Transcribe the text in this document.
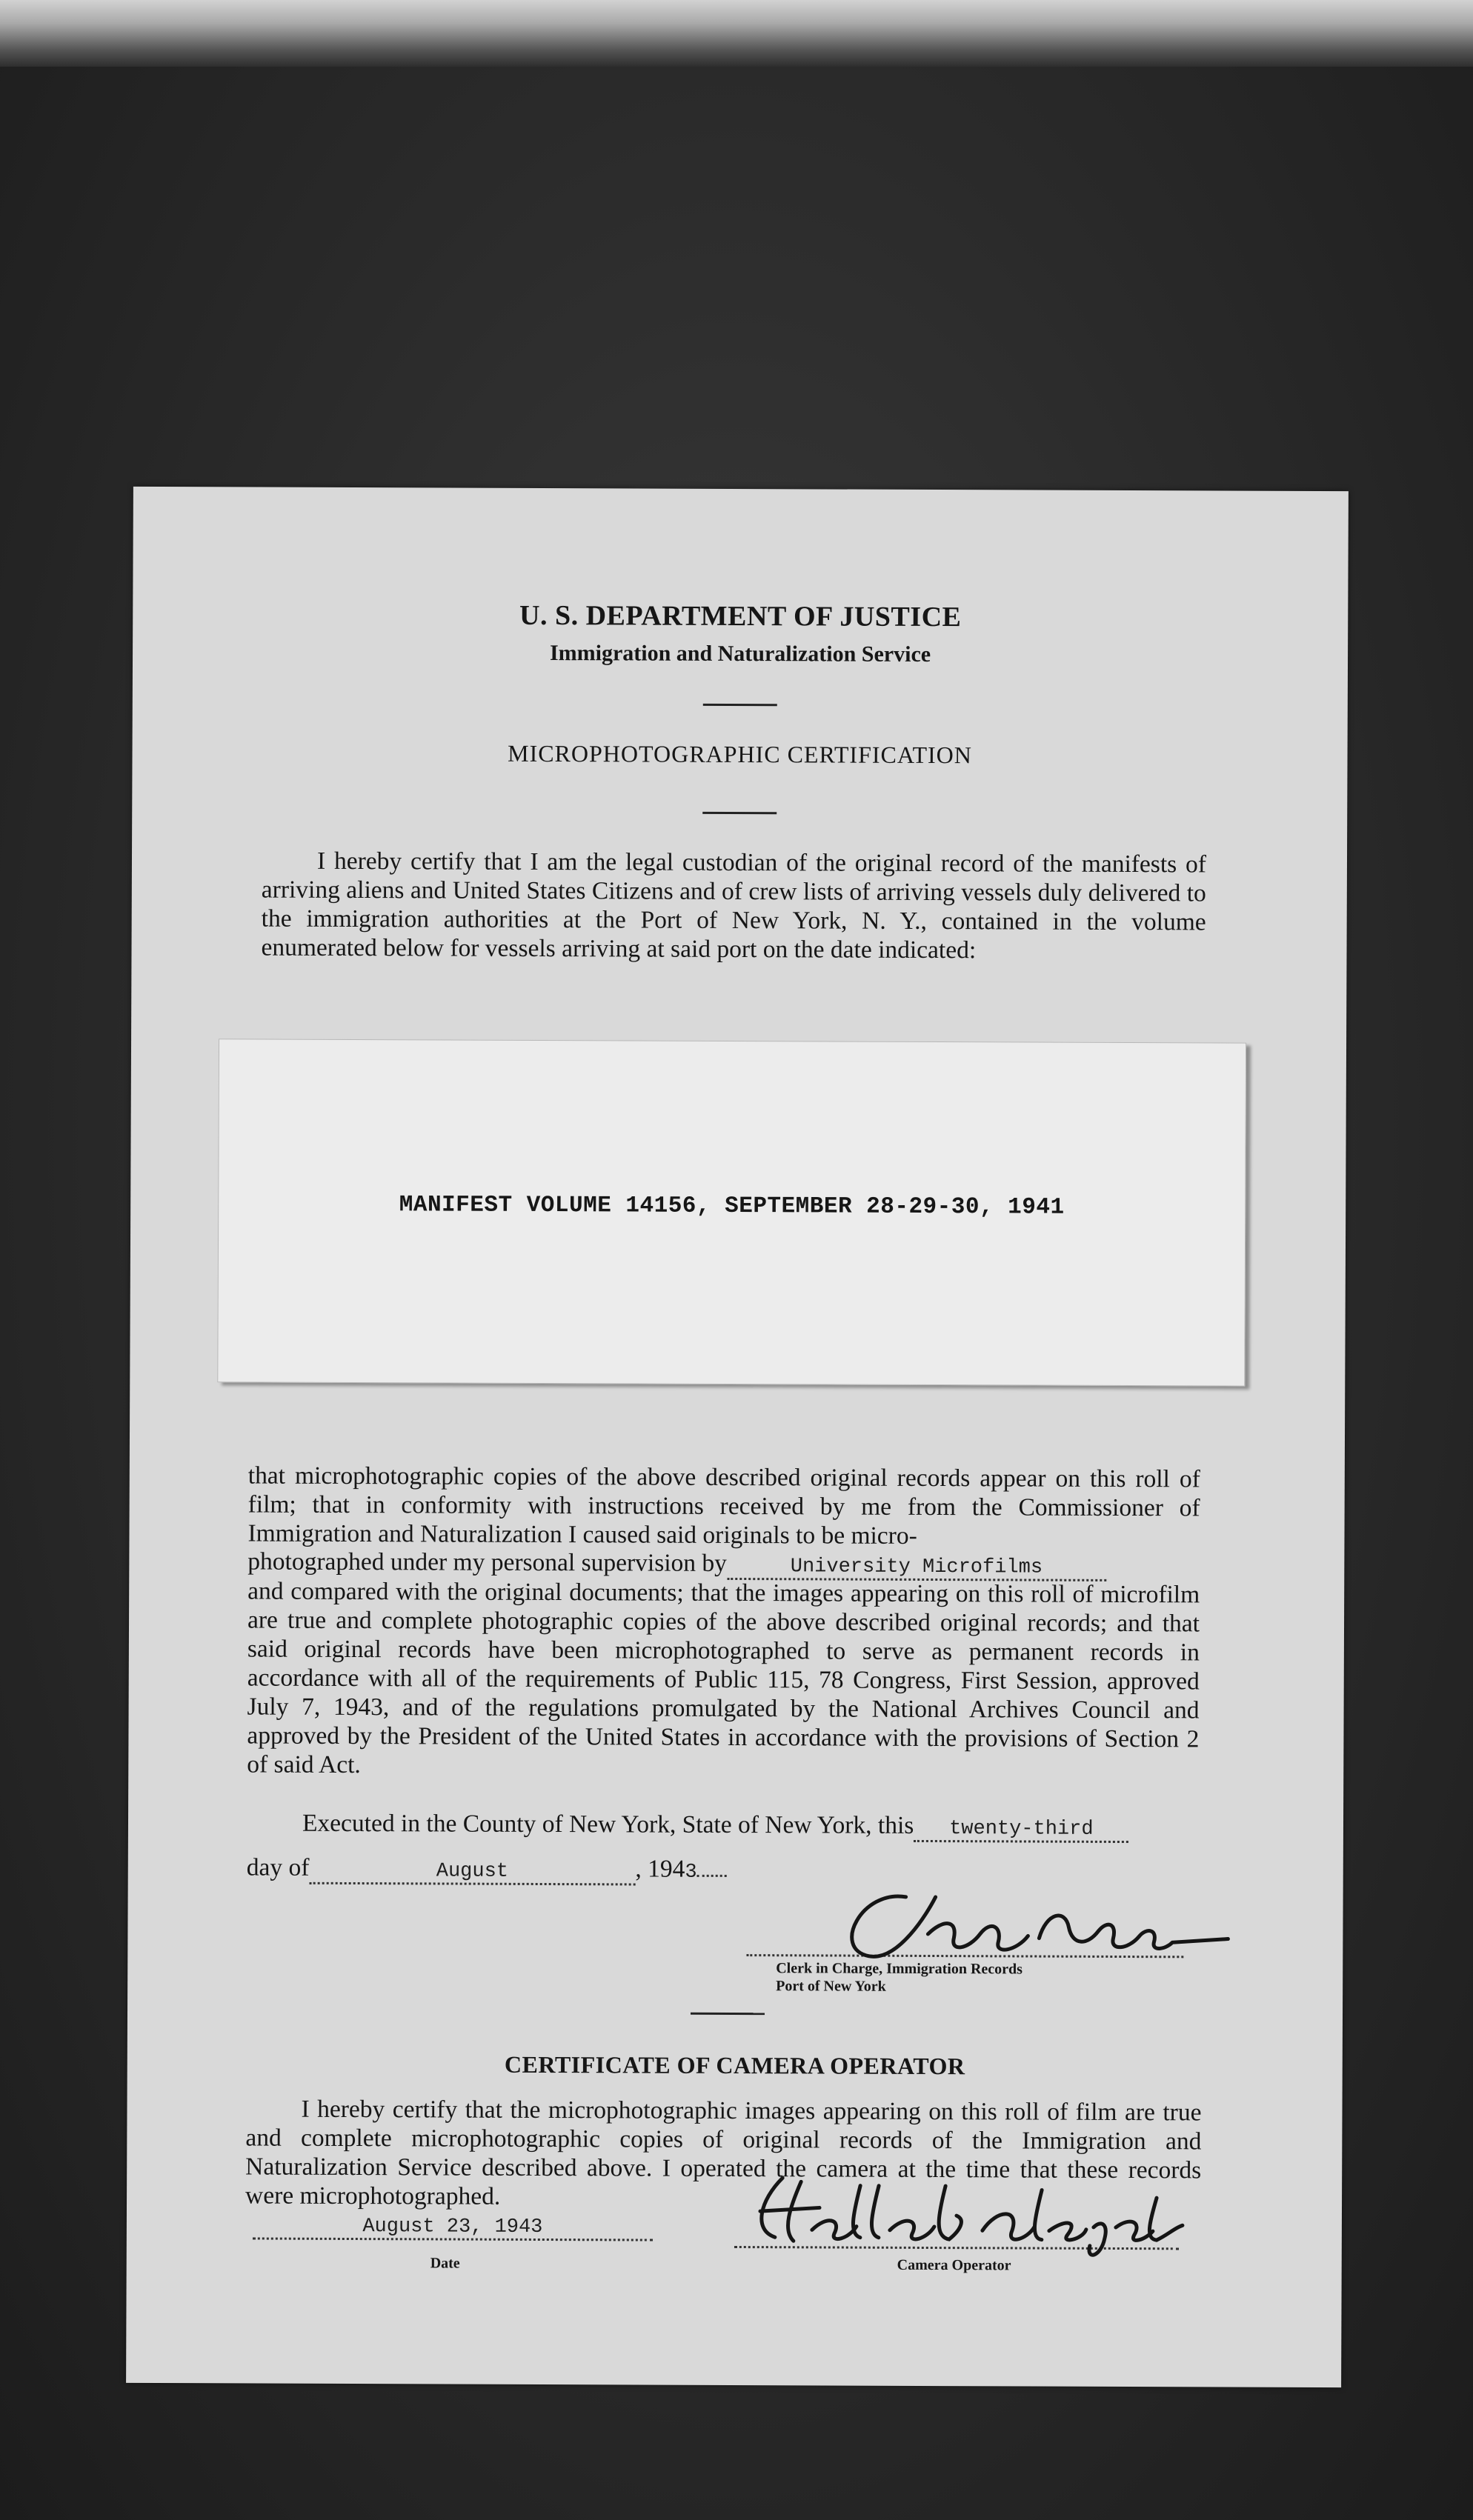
U. S. DEPARTMENT OF JUSTICE
Immigration and Naturalization Service
MICROPHOTOGRAPHIC CERTIFICATION
I hereby certify that I am the legal custodian of the original record of the manifests of arriving aliens and United States Citizens and of crew lists of arriving vessels duly delivered to the immigration authorities at the Port of New York, N. Y., contained in the volume enumerated below for vessels arriving at said port on the date indicated:
MANIFEST VOLUME 14156, SEPTEMBER 28-29-30, 1941
that microphotographic copies of the above described original records appear on this roll of film; that in conformity with instructions received by me from the Commissioner of Immigration and Naturalization I caused said originals to be micro-
photographed under my personal supervision by	University Microfilms
and compared with the original documents; that the images appearing on this roll of microfilm are true and complete photographic copies of the above described original records; and that said original records have been microphotographed to serve as permanent records in accordance with all of the requirements of Public 115, 78 Congress, First Session, approved July 7, 1943, and of the regulations promulgated by the National Archives Council and approved by the President of the United States in accordance with the provisions of Section 2 of said Act.
Executed in the County of New York, State of New York, this twenty-third
day of	August	, 1943
Clerk in Charge, Immigration Records
Port of New York
CERTIFICATE OF CAMERA OPERATOR
I hereby certify that the microphotographic images appearing on this roll of film are true and complete microphotographic copies of original records of the Immigration and Naturalization Service described above. I operated the camera at the time that these records were microphotographed.
August 23, 1943
Date	Camera Operator
